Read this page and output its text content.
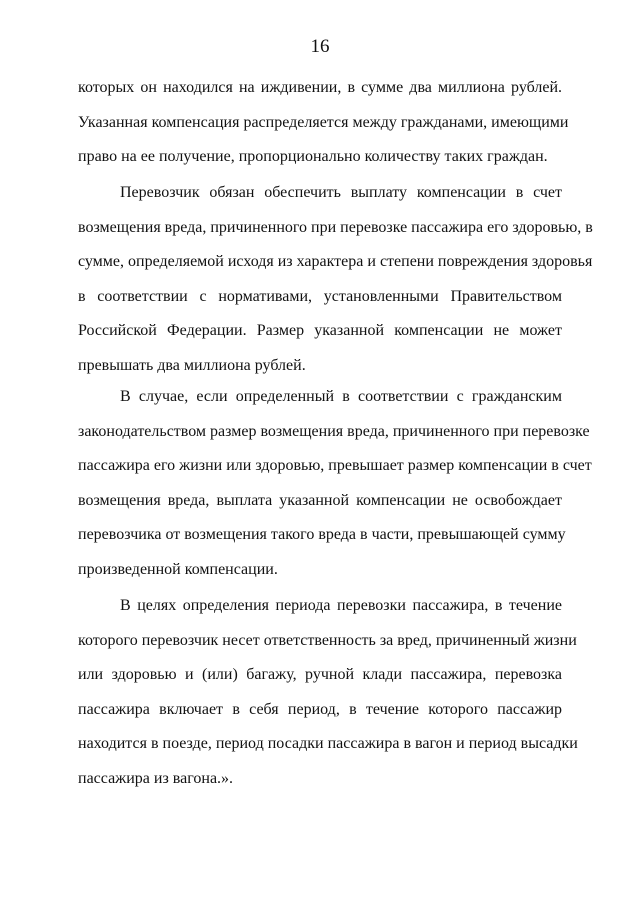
16
которых он находился на иждивении, в сумме два миллиона рублей.
Указанная компенсация распределяется между гражданами, имеющими
право на ее получение, пропорционально количеству таких граждан.
Перевозчик обязан обеспечить выплату компенсации в счет
возмещения вреда, причиненного при перевозке пассажира его здоровью, в
сумме, определяемой исходя из характера и степени повреждения здоровья
в соответствии с нормативами, установленными Правительством
Российской Федерации. Размер указанной компенсации не может
превышать два миллиона рублей.
В случае, если определенный в соответствии с гражданским
законодательством размер возмещения вреда, причиненного при перевозке
пассажира его жизни или здоровью, превышает размер компенсации в счет
возмещения вреда, выплата указанной компенсации не освобождает
перевозчика от возмещения такого вреда в части, превышающей сумму
произведенной компенсации.
В целях определения периода перевозки пассажира, в течение
которого перевозчик несет ответственность за вред, причиненный жизни
или здоровью и (или) багажу, ручной клади пассажира, перевозка
пассажира включает в себя период, в течение которого пассажир
находится в поезде, период посадки пассажира в вагон и период высадки
пассажира из вагона.».
